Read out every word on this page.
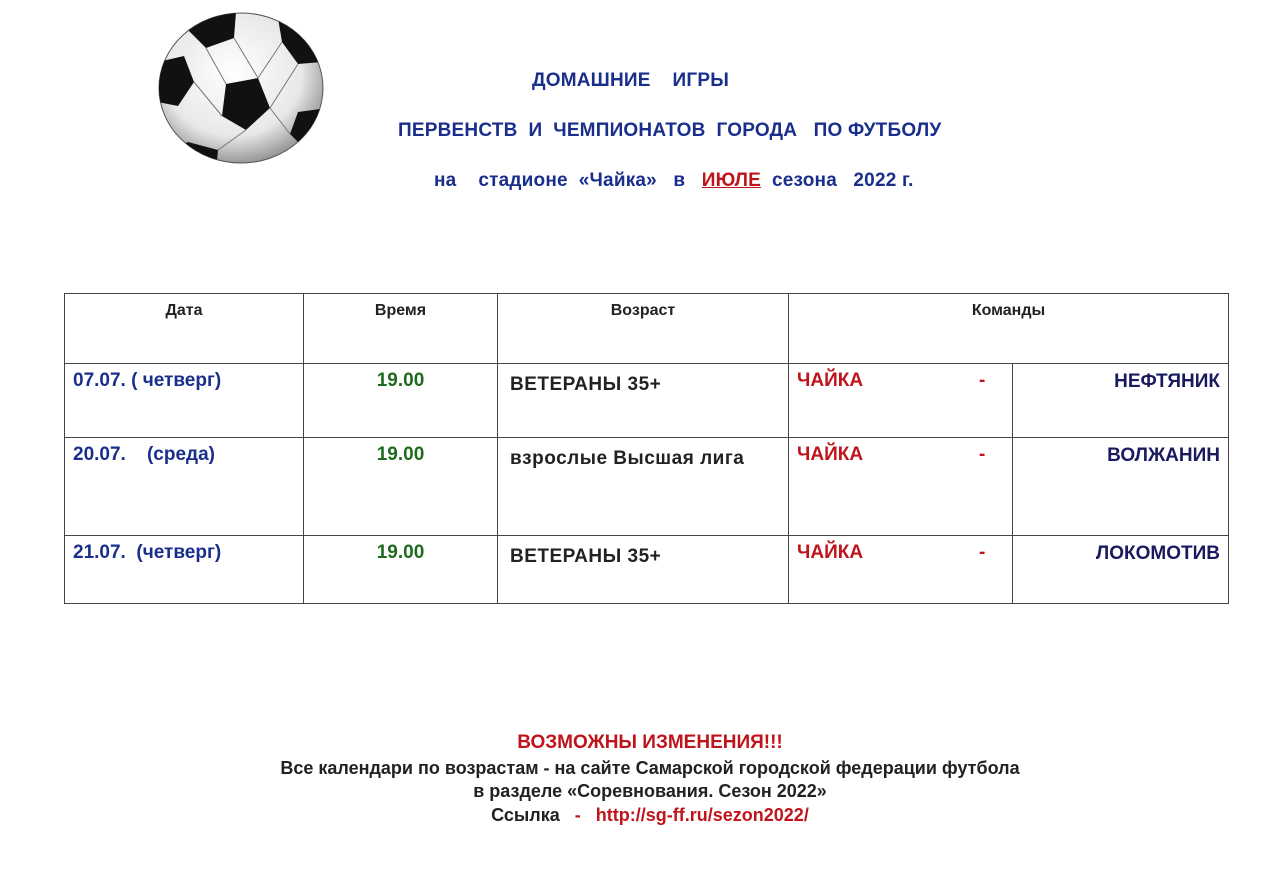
ДОМАШНИЕ    ИГРЫ
ПЕРВЕНСТВ  И  ЧЕМПИОНАТОВ  ГОРОДА   ПО ФУТБОЛУ
на    стадионе  «Чайка»   в   ИЮЛЕ  сезона   2022 г.
Дата	Время	Возраст	Команды	
07.07. ( четверг)	19.00	ВЕТЕРАНЫ 35+	ЧАЙКА -	НЕФТЯНИК
20.07.    (среда)	19.00	взрослые Высшая лига	ЧАЙКА -	ВОЛЖАНИН
21.07.  (четверг)	19.00	ВЕТЕРАНЫ 35+	ЧАЙКА -	ЛОКОМОТИВ
ВОЗМОЖНЫ ИЗМЕНЕНИЯ!!!
Все календари по возрастам - на сайте Самарской городской федерации футбола
в разделе «Соревнования. Сезон 2022»
Ссылка - http://sg-ff.ru/sezon2022/
